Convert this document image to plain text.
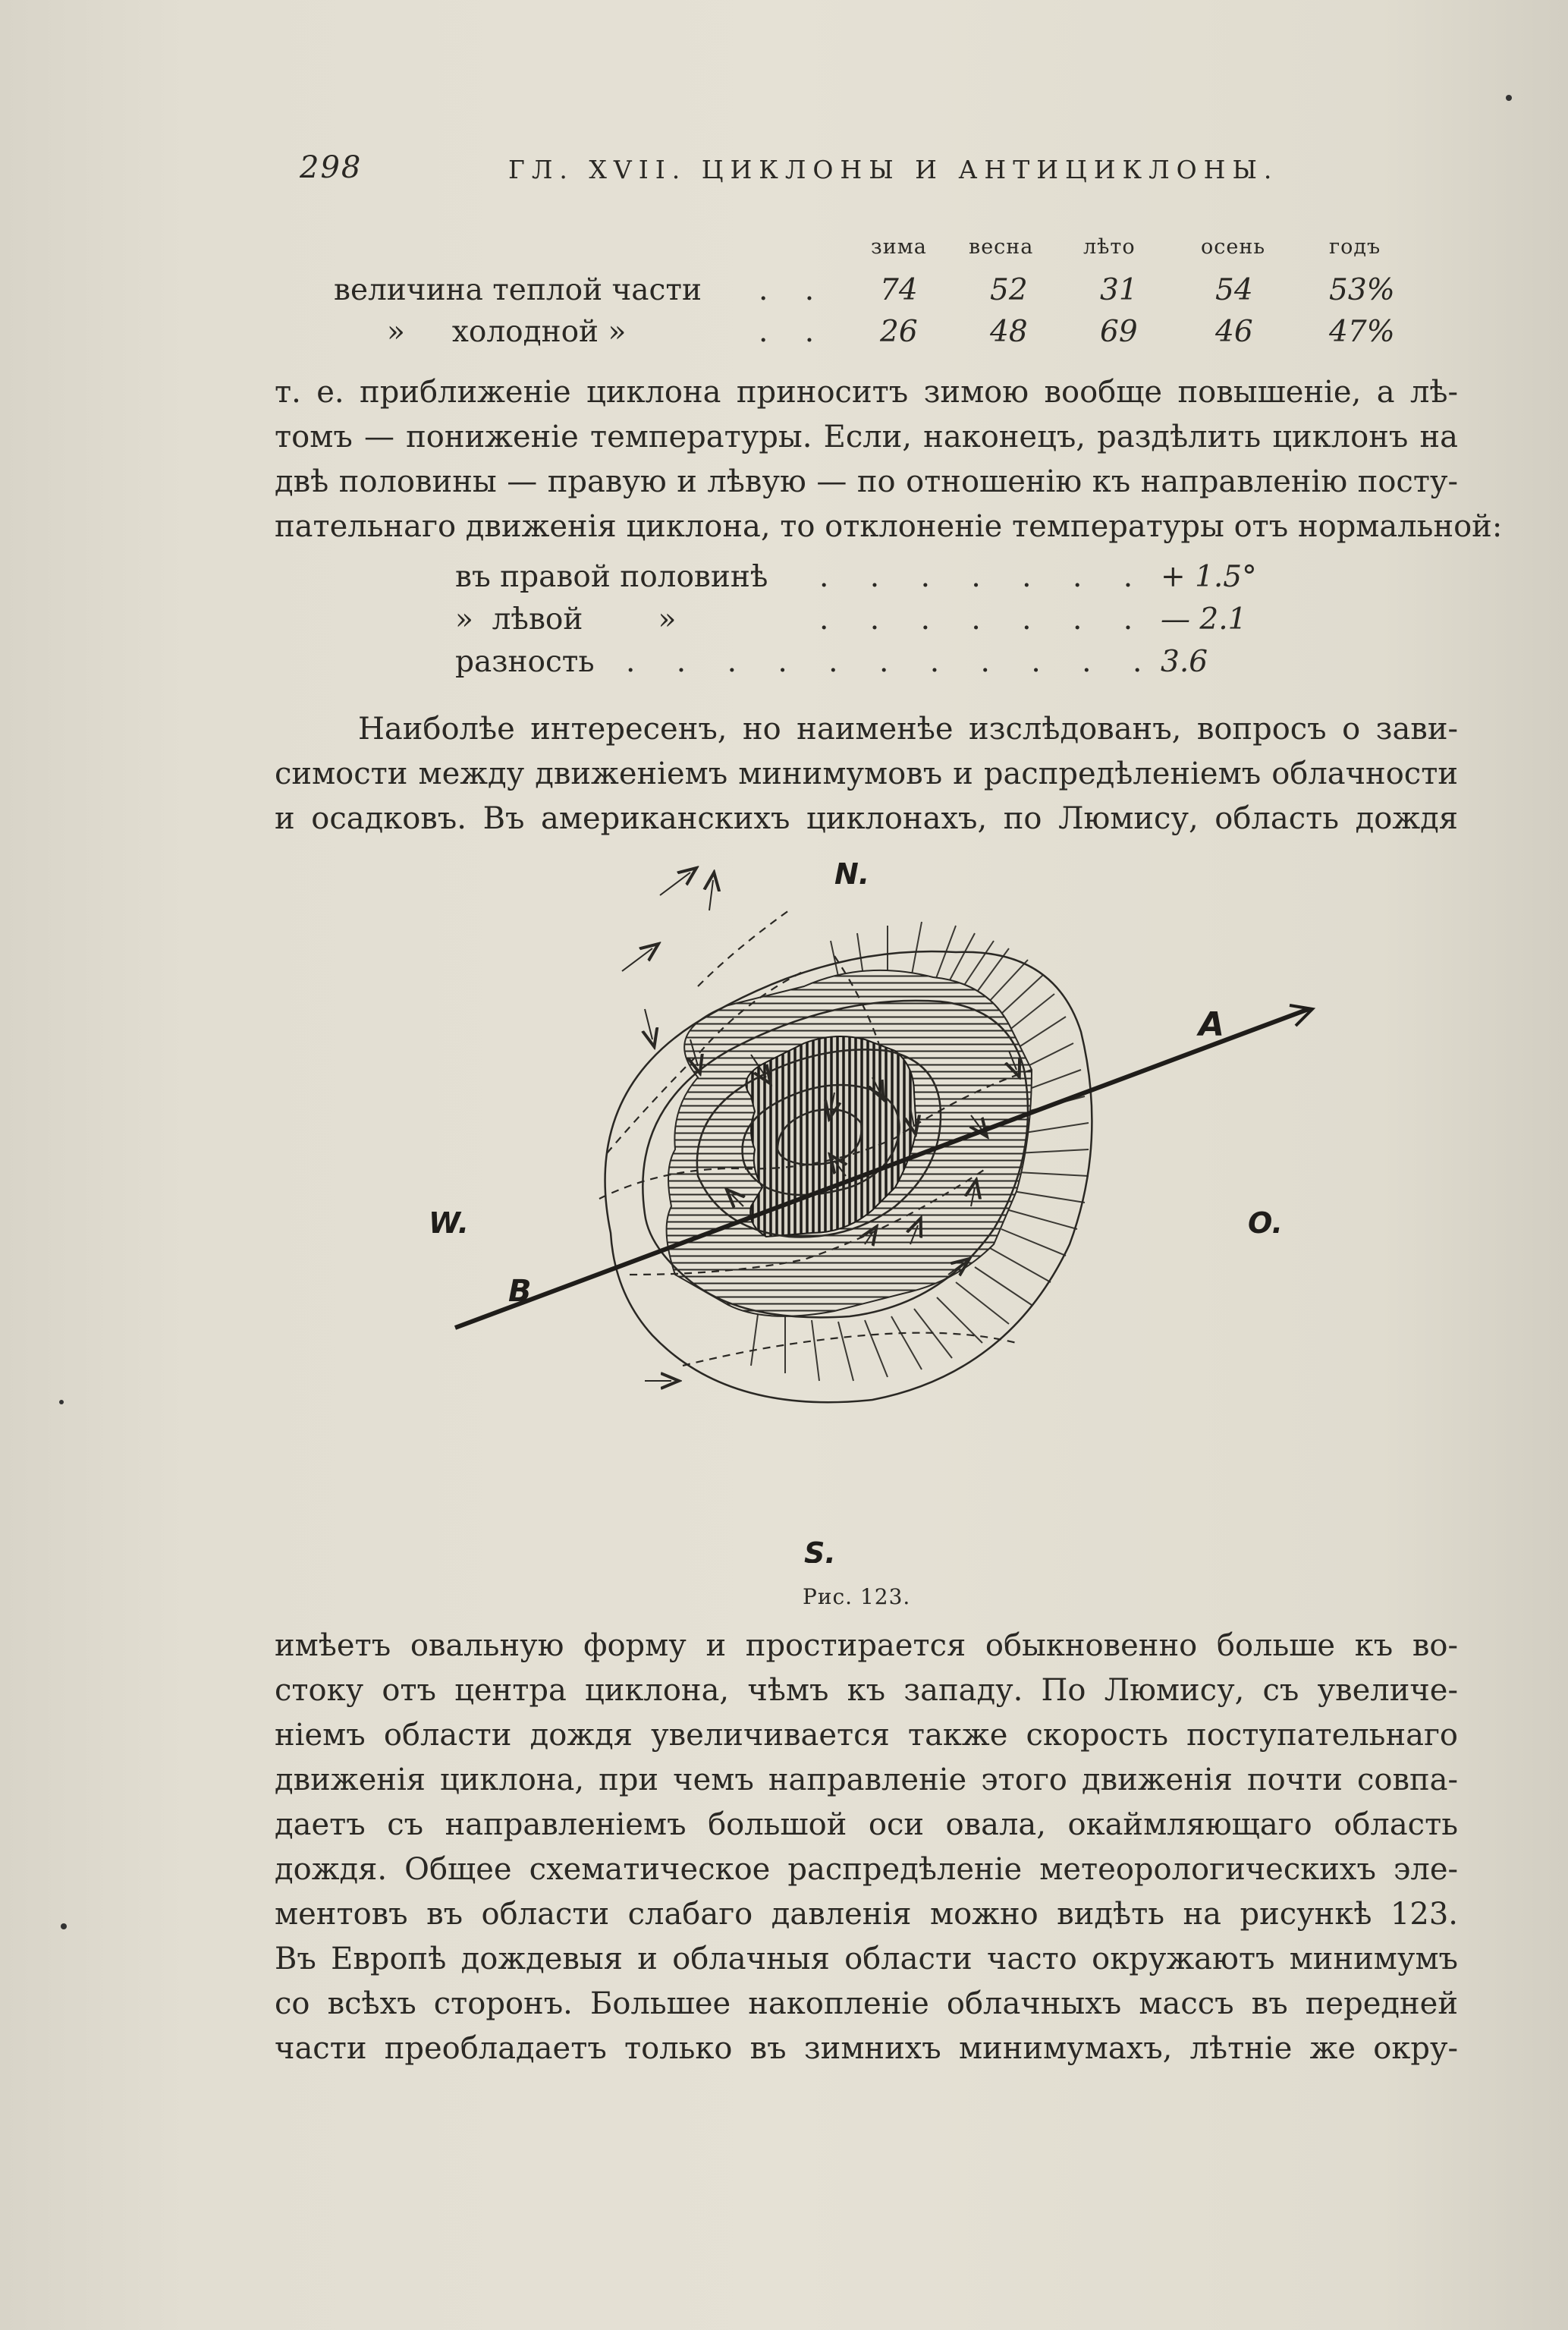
298	ГЛ. XVII. ЦИКЛОНЫ И АНТИЦИКЛОНЫ.
зима весна лѣто	осень	годъ
величина теплой части . . 74 52 31	54	53%
»     холодной »	. . 26 48 69	46	47%
т. е. приближеніе циклона приноситъ зимою вообще повышеніе, а лѣ-
томъ — пониженіе температуры. Если, наконецъ, раздѣлить циклонъ на
двѣ половины — правую и лѣвую — по отношенію къ направленію посту-
пательнаго движенія циклона, то отклоненіе температуры отъ нормальной:
въ правой половинѣ . . . . . . . + 1.5°
»  лѣвой        »	. . . . . . . — 2.1
разность . . . . . . . . . . . 3.6
Наиболѣе интересенъ, но наименѣе изслѣдованъ, вопросъ о зави-
симости между движеніемъ минимумовъ и распредѣленіемъ облачности
и осадковъ. Въ американскихъ циклонахъ, по Люмису, область дождя
N.
S.
W.	O.
A
B
Рис. 123.
имѣетъ овальную форму и простирается обыкновенно больше къ во-
стоку отъ центра циклона, чѣмъ къ западу. По Люмису, съ увеличе-
ніемъ области дождя увеличивается также скорость поступательнаго
движенія циклона, при чемъ направленіе этого движенія почти совпа-
даетъ съ направленіемъ большой оси овала, окаймляющаго область
дождя. Общее схематическое распредѣленіе метеорологическихъ эле-
ментовъ въ области слабаго давленія можно видѣть на рисункѣ 123.
Въ Европѣ дождевыя и облачныя области часто окружаютъ минимумъ
со всѣхъ сторонъ. Большее накопленіе облачныхъ массъ въ передней
части преобладаетъ только въ зимнихъ минимумахъ, лѣтніе же окру-
